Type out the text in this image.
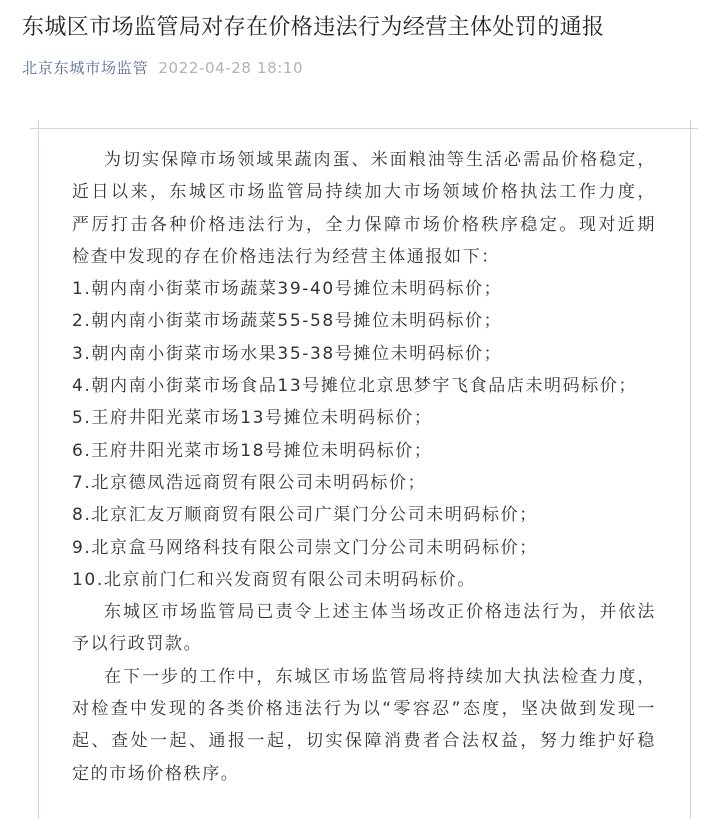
东城区市场监管局对存在价格违法行为经营主体处罚的通报
北京东城市场监管 2022-04-28 18:10
为切实保障市场领域果蔬肉蛋、米面粮油等生活必需品价格稳定，
近日以来，东城区市场监管局持续加大市场领域价格执法工作力度，
严厉打击各种价格违法行为，全力保障市场价格秩序稳定。现对近期
检查中发现的存在价格违法行为经营主体通报如下：
1.朝内南小街菜市场蔬菜39-40号摊位未明码标价；
2.朝内南小街菜市场蔬菜55-58号摊位未明码标价；
3.朝内南小街菜市场水果35-38号摊位未明码标价；
4.朝内南小街菜市场食品13号摊位北京思梦宇飞食品店未明码标价；
5.王府井阳光菜市场13号摊位未明码标价；
6.王府井阳光菜市场18号摊位未明码标价；
7.北京德凤浩远商贸有限公司未明码标价；
8.北京汇友万顺商贸有限公司广渠门分公司未明码标价；
9.北京盒马网络科技有限公司崇文门分公司未明码标价；
10.北京前门仁和兴发商贸有限公司未明码标价。
东城区市场监管局已责令上述主体当场改正价格违法行为，并依法
予以行政罚款。
在下一步的工作中，东城区市场监管局将持续加大执法检查力度，
对检查中发现的各类价格违法行为以“零容忍”态度，坚决做到发现一
起、查处一起、通报一起，切实保障消费者合法权益，努力维护好稳
定的市场价格秩序。
